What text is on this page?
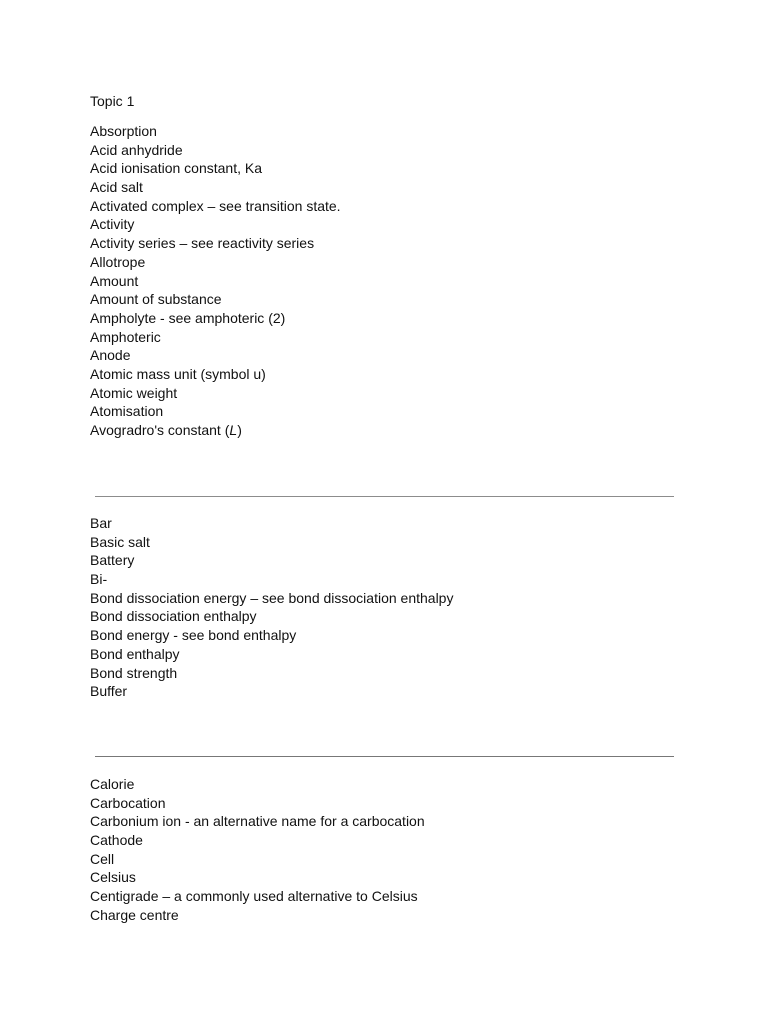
Topic 1
Absorption
Acid anhydride
Acid ionisation constant, Ka
Acid salt
Activated complex – see transition state.
Activity
Activity series – see reactivity series
Allotrope
Amount
Amount of substance
Ampholyte - see amphoteric (2)
Amphoteric
Anode
Atomic mass unit (symbol u)
Atomic weight
Atomisation
Avogradro's constant (L)
Bar
Basic salt
Battery
Bi-
Bond dissociation energy – see bond dissociation enthalpy
Bond dissociation enthalpy
Bond energy - see bond enthalpy
Bond enthalpy
Bond strength
Buffer
Calorie
Carbocation
Carbonium ion - an alternative name for a carbocation
Cathode
Cell
Celsius
Centigrade – a commonly used alternative to Celsius
Charge centre
